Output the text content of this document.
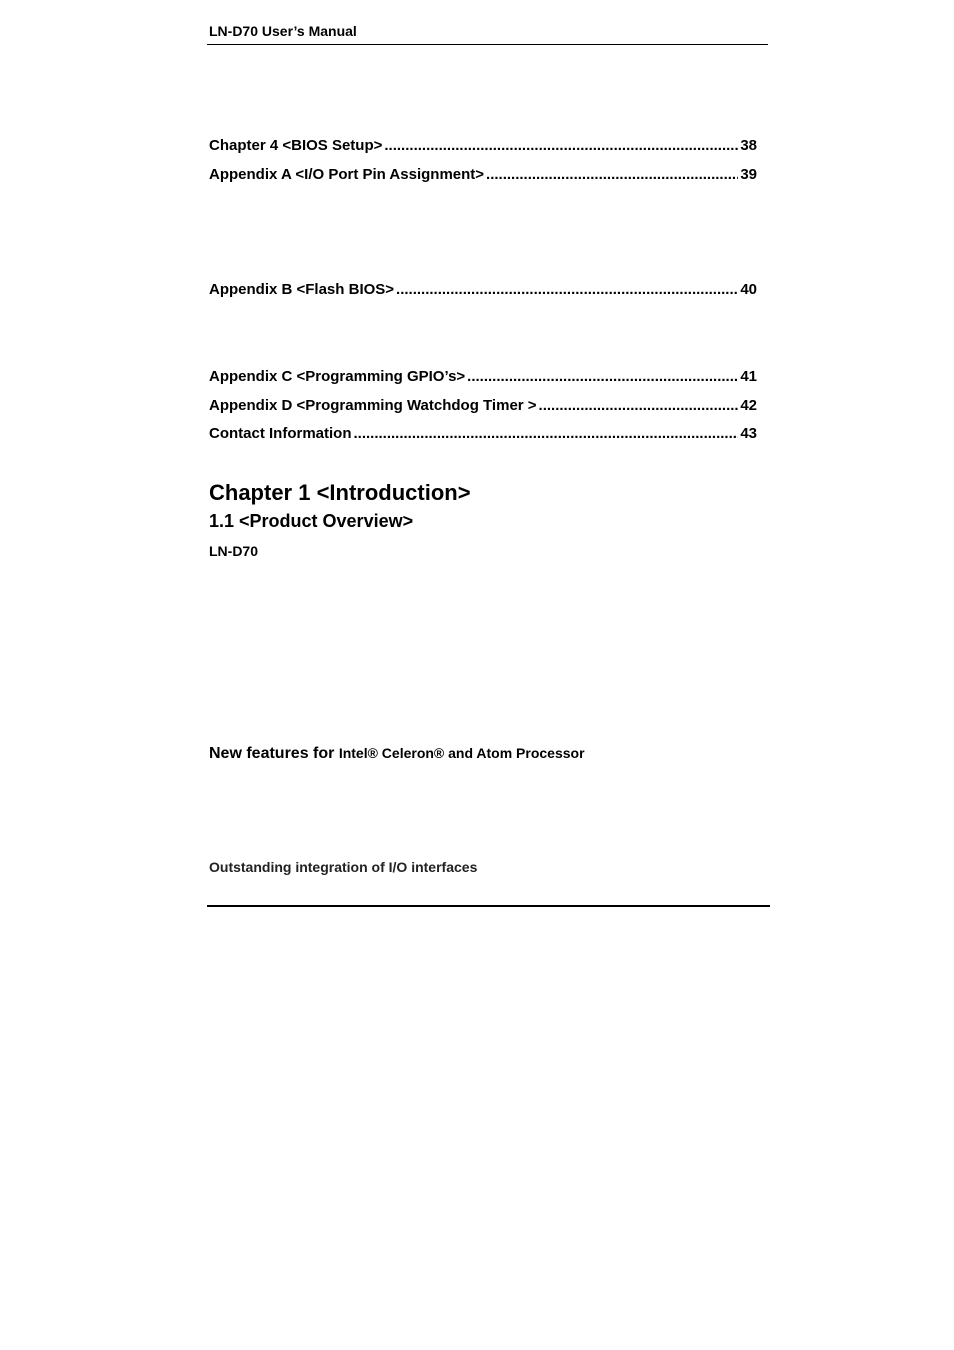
LN-D70 User’s Manual
Chapter 4 <BIOS Setup> .....	38
Appendix A <I/O Port Pin Assignment> .....	39
Appendix B <Flash BIOS> .....	40
Appendix C <Programming GPIO’s> .....	41
Appendix D <Programming Watchdog Timer > .....	42
Contact Information .....	43
Chapter 1 <Introduction>
1.1 <Product Overview>
LN-D70
New features for Intel® Celeron® and Atom Processor
Outstanding integration of I/O interfaces
